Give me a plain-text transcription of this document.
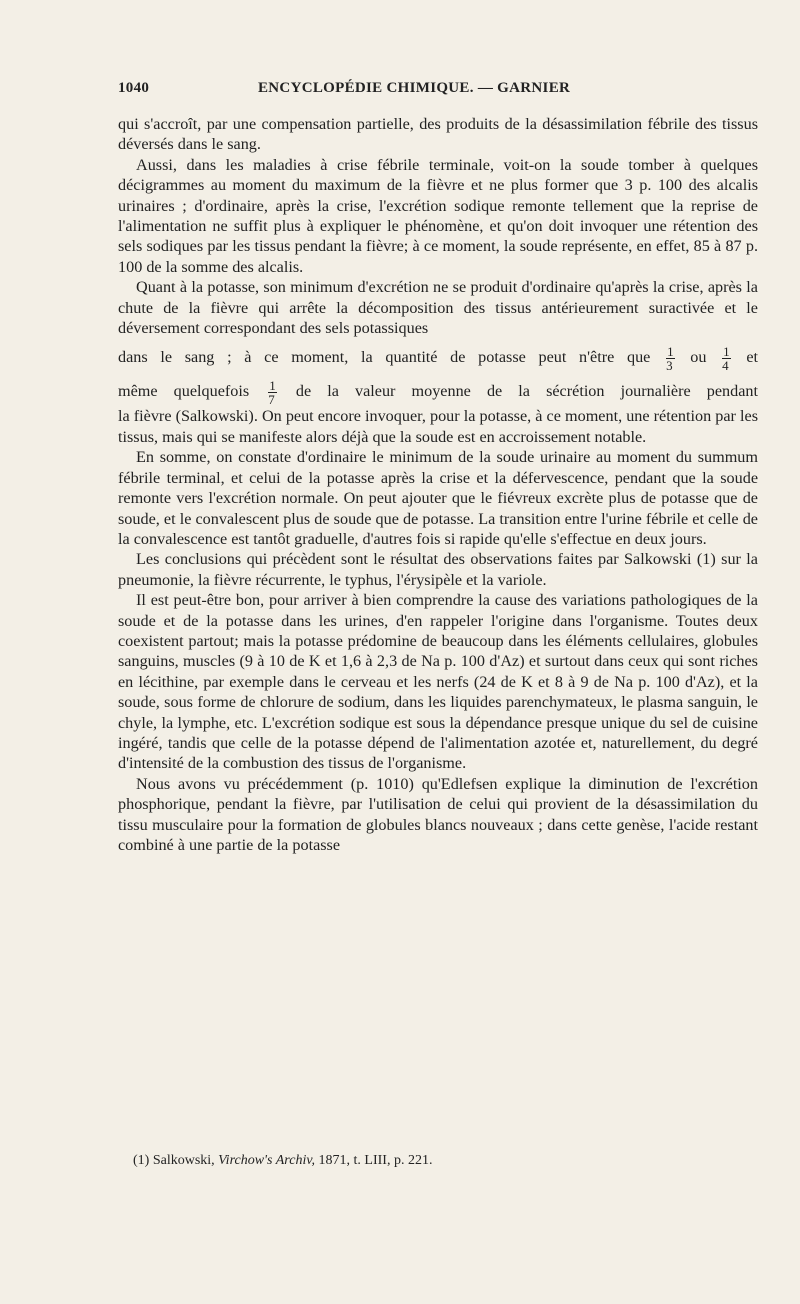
1040	ENCYCLOPÉDIE CHIMIQUE. — GARNIER

qui s'accroît, par une compensation partielle, des produits de la désassimilation fébrile des tissus déversés dans le sang.

Aussi, dans les maladies à crise fébrile terminale, voit-on la soude tomber à quelques décigrammes au moment du maximum de la fièvre et ne plus former que 3 p. 100 des alcalis urinaires ; d'ordinaire, après la crise, l'excrétion sodique remonte tellement que la reprise de l'alimentation ne suffit plus à expliquer le phénomène, et qu'on doit invoquer une rétention des sels sodiques par les tissus pendant la fièvre; à ce moment, la soude représente, en effet, 85 à 87 p. 100 de la somme des alcalis.

Quant à la potasse, son minimum d'excrétion ne se produit d'ordinaire qu'après la crise, après la chute de la fièvre qui arrête la décomposition des tissus antérieurement suractivée et le déversement correspondant des sels potassiques

dans le sang ; à ce moment, la quantité de potasse peut n'être que $\frac{1}{3}$ ou $\frac{1}{4}$ et

même quelquefois $\frac{1}{7}$ de la valeur moyenne de la sécrétion journalière pendant

la fièvre (Salkowski). On peut encore invoquer, pour la potasse, à ce moment, une rétention par les tissus, mais qui se manifeste alors déjà que la soude est en accroissement notable.

En somme, on constate d'ordinaire le minimum de la soude urinaire au moment du summum fébrile terminal, et celui de la potasse après la crise et la défervescence, pendant que la soude remonte vers l'excrétion normale. On peut ajouter que le fiévreux excrète plus de potasse que de soude, et le convalescent plus de soude que de potasse. La transition entre l'urine fébrile et celle de la convalescence est tantôt graduelle, d'autres fois si rapide qu'elle s'effectue en deux jours.

Les conclusions qui précèdent sont le résultat des observations faites par Salkowski (1) sur la pneumonie, la fièvre récurrente, le typhus, l'érysipèle et la variole.

Il est peut-être bon, pour arriver à bien comprendre la cause des variations pathologiques de la soude et de la potasse dans les urines, d'en rappeler l'origine dans l'organisme. Toutes deux coexistent partout; mais la potasse prédomine de beaucoup dans les éléments cellulaires, globules sanguins, muscles (9 à 10 de K et 1,6 à 2,3 de Na p. 100 d'Az) et surtout dans ceux qui sont riches en lécithine, par exemple dans le cerveau et les nerfs (24 de K et 8 à 9 de Na p. 100 d'Az), et la soude, sous forme de chlorure de sodium, dans les liquides parenchymateux, le plasma sanguin, le chyle, la lymphe, etc. L'excrétion sodique est sous la dépendance presque unique du sel de cuisine ingéré, tandis que celle de la potasse dépend de l'alimentation azotée et, naturellement, du degré d'intensité de la combustion des tissus de l'organisme.

Nous avons vu précédemment (p. 1010) qu'Edlefsen explique la diminution de l'excrétion phosphorique, pendant la fièvre, par l'utilisation de celui qui provient de la désassimilation du tissu musculaire pour la formation de globules blancs nouveaux ; dans cette genèse, l'acide restant combiné à une partie de la potasse

(1) Salkowski, Virchow's Archiv, 1871, t. LIII, p. 221.
